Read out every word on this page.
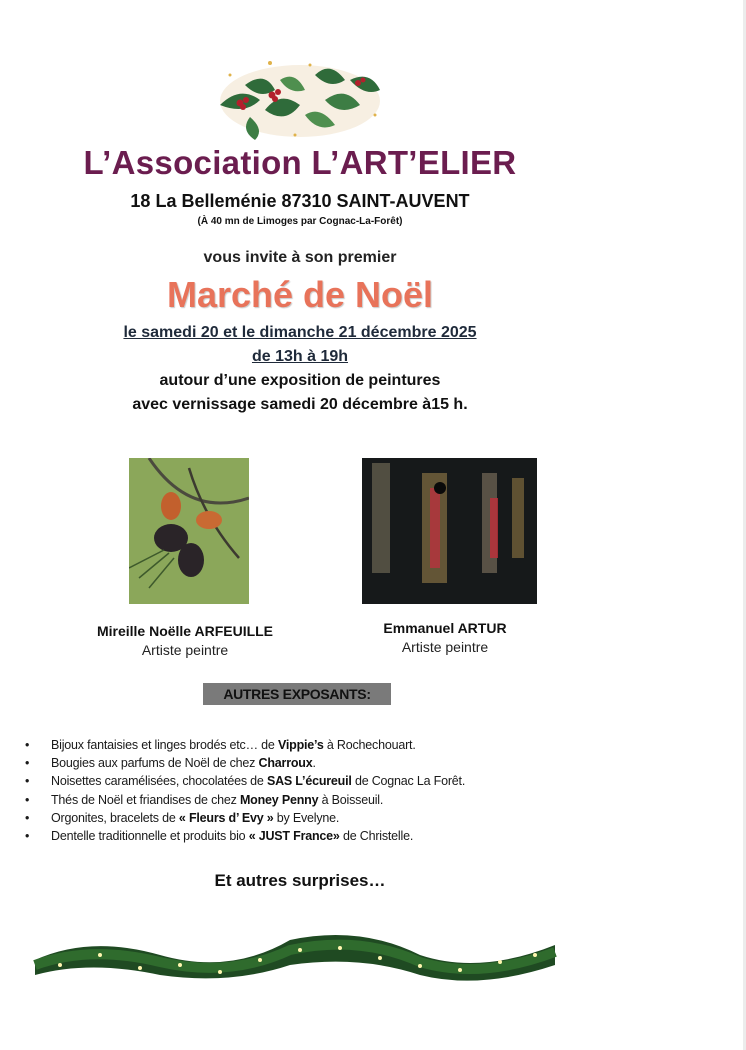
L’Association L’ART’ELIER
18 La Belleménie 87310 SAINT-AUVENT
(À 40 mn de Limoges par Cognac-La-Forêt)
vous invite à son premier
Marché de Noël
le samedi 20 et le dimanche 21 décembre 2025
de 13h à 19h
autour d’une exposition de peintures
avec vernissage samedi 20 décembre à15 h.
Mireille Noëlle ARFEUILLE
Artiste peintre
Emmanuel ARTUR
Artiste peintre
AUTRES EXPOSANTS:
• Bijoux fantaisies et linges brodés etc… de Vippie’s à Rochechouart.
• Bougies aux parfums de Noël de chez Charroux.
• Noisettes caramélisées, chocolatées de SAS L’écureuil de Cognac La Forêt.
• Thés de Noël et friandises de chez Money Penny à Boisseuil.
• Orgonites, bracelets de « Fleurs d’ Evy » by Evelyne.
• Dentelle traditionnelle et produits bio « JUST France» de Christelle.
Et autres surprises…
